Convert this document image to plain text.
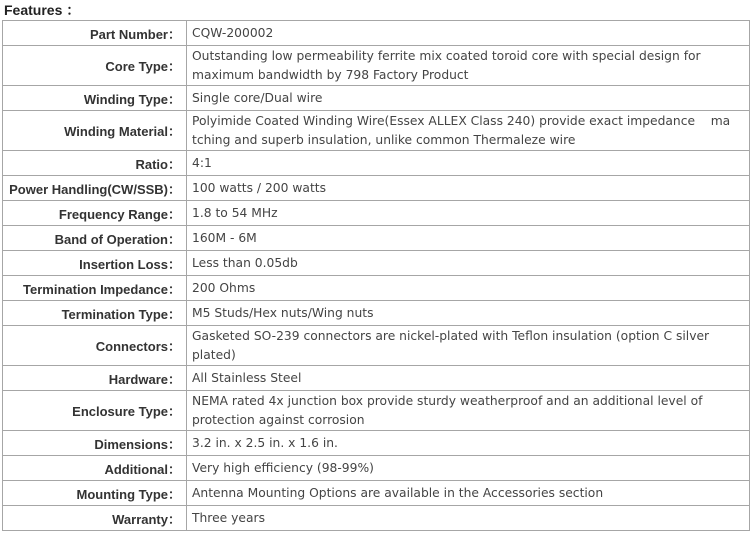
Features ：
Part Number：	CQW-200002
Core Type：	Outstanding low permeability ferrite mix coated toroid core with special design for maximum bandwidth by 798 Factory Product
Winding Type：	Single core/Dual wire
Winding Material：	Polyimide Coated Winding Wire(Essex ALLEX Class 240) provide exact impedance    ma
tching and superb insulation, unlike common Thermaleze wire

Ratio：	4:1
Power Handling(CW/SSB)：	100 watts / 200 watts
Frequency Range：	1.8 to 54 MHz
Band of Operation：	160M - 6M
Insertion Loss：	Less than 0.05db
Termination Impedance：	200 Ohms
Termination Type：	M5 Studs/Hex nuts/Wing nuts
Connectors：	Gasketed SO-239 connectors are nickel-plated with Teflon insulation (option C silver plated)
Hardware：	All Stainless Steel
Enclosure Type：	NEMA rated 4x junction box provide sturdy weatherproof and an additional level of protection against corrosion
Dimensions：	3.2 in. x 2.5 in. x 1.6 in.
Additional：	Very high efficiency (98-99%)
Mounting Type：	Antenna Mounting Options are available in the Accessories section
Warranty：	Three years
